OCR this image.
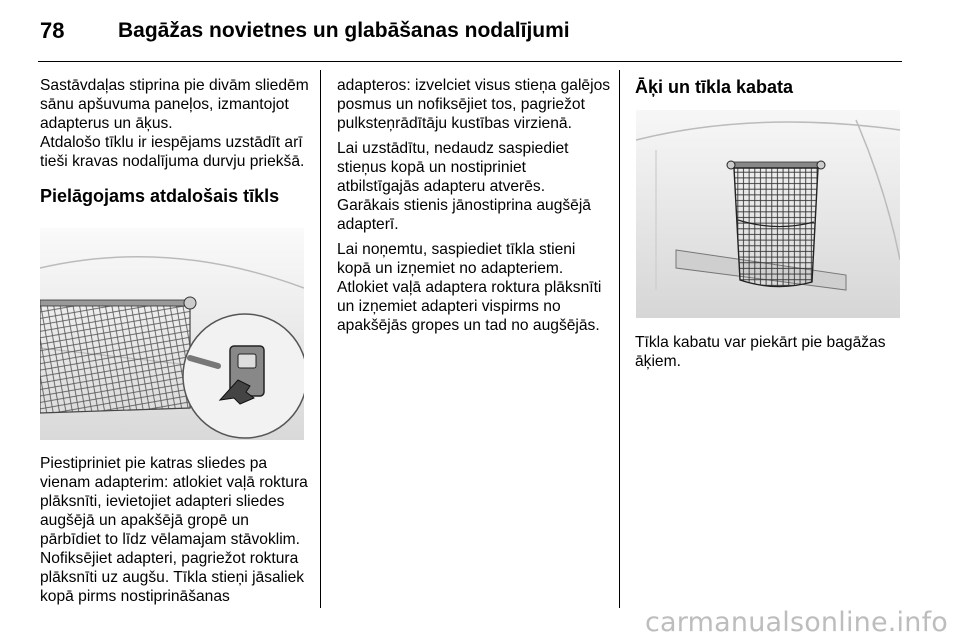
78	Bagāžas novietnes un glabāšanas nodalījumi

Sastāvdaļas stiprina pie divām sliedēm sānu apšuvuma paneļos, izmantojot adapterus un āķus.

Atdalošo tīklu ir iespējams uzstādīt arī tieši kravas nodalījuma durvju priekšā.

Pielāgojams atdalošais tīkls

Piestipriniet pie katras sliedes pa vienam adapterim: atlokiet vaļā roktura plāksnīti, ievietojiet adapteri sliedes augšējā un apakšējā gropē un pārbīdiet to līdz vēlamajam stāvoklim. Nofiksējiet adapteri, pagriežot roktura plāksnīti uz augšu. Tīkla stieņi jāsaliek kopā pirms nostiprināšanas

adapteros: izvelciet visus stieņa galējos posmus un nofiksējiet tos, pagriežot pulksteņrādītāju kustības virzienā.

Lai uzstādītu, nedaudz saspiediet stieņus kopā un nostipriniet atbilstīgajās adapteru atverēs. Garākais stienis jānostiprina augšējā adapterī.

Lai noņemtu, saspiediet tīkla stieni kopā un izņemiet no adapteriem. Atlokiet vaļā adaptera roktura plāksnīti un izņemiet adapteri vispirms no apakšējās gropes un tad no augšējās.

Āķi un tīkla kabata

Tīkla kabatu var piekārt pie bagāžas āķiem.

carmanualsonline.info
